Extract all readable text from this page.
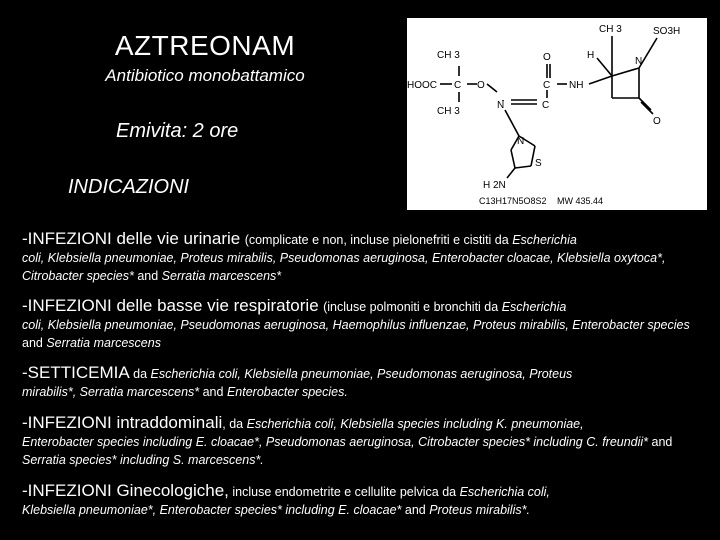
AZTREONAM
Antibiotico monobattamico
Emivita: 2 ore
INDICAZIONI
CH 3
HOOC C O
CH 3
N	C
O
C NH
H
CH 3	SO3H
N
O
N
S
H 2N
C13H17N5O8S2 MW 435.44
-INFEZIONI delle vie urinarie (complicate e non, incluse pielonefriti e cistiti da Escherichia
coli, Klebsiella pneumoniae, Proteus mirabilis, Pseudomonas aeruginosa, Enterobacter cloacae, Klebsiella oxytoca*, Citrobacter species* and Serratia marcescens*
-INFEZIONI delle basse vie respiratorie (incluse polmoniti e bronchiti da Escherichia
coli, Klebsiella pneumoniae, Pseudomonas aeruginosa, Haemophilus influenzae, Proteus mirabilis, Enterobacter species and Serratia marcescens
-SETTICEMIA da Escherichia coli, Klebsiella pneumoniae, Pseudomonas aeruginosa, Proteus
mirabilis*, Serratia marcescens* and Enterobacter species.
-INFEZIONI intraddominali, da Escherichia coli, Klebsiella species including K. pneumoniae,
Enterobacter species including E. cloacae*, Pseudomonas aeruginosa, Citrobacter species* including C. freundii* and Serratia species* including S. marcescens*.
-INFEZIONI Ginecologiche, incluse endometrite e cellulite pelvica da Escherichia coli,
Klebsiella pneumoniae*, Enterobacter species* including E. cloacae* and Proteus mirabilis*.
